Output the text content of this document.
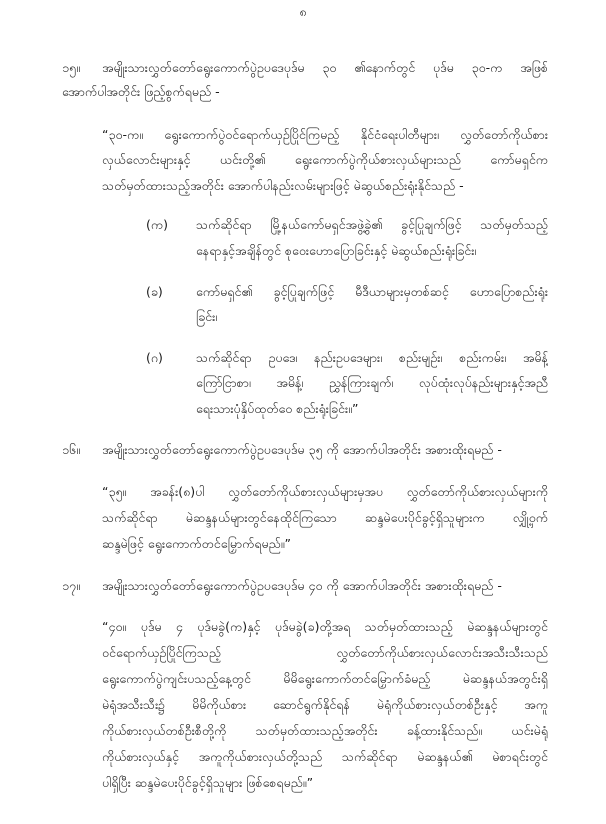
၈
၁၅။ အမျိုးသားလွှတ်တော်ရွေးကောက်ပွဲဥပဒေပုဒ်မ ၃၀ ၏နောက်တွင် ပုဒ်မ ၃၀-က အဖြစ်
အောက်ပါအတိုင်း ဖြည့်စွက်ရမည် -
“၃၀-က။ ရွေးကောက်ပွဲဝင်ရောက်ယှဉ်ပြိုင်ကြမည့် နိုင်ငံရေးပါတီများ၊ လွှတ်တော်ကိုယ်စား
လှယ်လောင်းများနှင့် ယင်းတို့၏ ရွေးကောက်ပွဲကိုယ်စားလှယ်များသည် ကော်မရှင်က
သတ်မှတ်ထားသည့်အတိုင်း အောက်ပါနည်းလမ်းများဖြင့် မဲဆွယ်စည်းရုံးနိုင်သည် -
(က) သက်ဆိုင်ရာ မြို့နယ်ကော်မရှင်အဖွဲ့ခွဲ၏ ခွင့်ပြုချက်ဖြင့် သတ်မှတ်သည့်
နေရာနှင့်အချိန်တွင် စုဝေးဟောပြောခြင်းနှင့် မဲဆွယ်စည်းရုံးခြင်း၊
(ခ)	ကော်မရှင်၏ ခွင့်ပြုချက်ဖြင့် မီဒီယာများမှတစ်ဆင့် ဟောပြောစည်းရုံး
ခြင်း၊
(ဂ)	သက်ဆိုင်ရာ ဥပဒေ၊ နည်းဥပဒေများ၊ စည်းမျဉ်း၊ စည်းကမ်း၊ အမိန့်
ကြော်ငြာစာ၊ အမိန့်၊ ညွှန်ကြားချက်၊ လုပ်ထုံးလုပ်နည်းများနှင့်အညီ
ရေးသားပုံနှိပ်ထုတ်ဝေ စည်းရုံးခြင်း။”
၁၆။ အမျိုးသားလွှတ်တော်ရွေးကောက်ပွဲဥပဒေပုဒ်မ ၃၅ ကို အောက်ပါအတိုင်း အစားထိုးရမည် -
“၃၅။ အခန်း(၈)ပါ လွှတ်တော်ကိုယ်စားလှယ်များမှအပ လွှတ်တော်ကိုယ်စားလှယ်များကို
သက်ဆိုင်ရာ မဲဆန္ဒနယ်များတွင်နေထိုင်ကြသော ဆန္ဒမဲပေးပိုင်ခွင့်ရှိသူများက လျှို့ဝှက်
ဆန္ဒမဲဖြင့် ရွေးကောက်တင်မြှောက်ရမည်။”
၁၇။ အမျိုးသားလွှတ်တော်ရွေးကောက်ပွဲဥပဒေပုဒ်မ ၄၀ ကို အောက်ပါအတိုင်း အစားထိုးရမည် -
“၄၀။ ပုဒ်မ ၄ ပုဒ်မခွဲ(က)နှင့် ပုဒ်မခွဲ(ခ)တို့အရ သတ်မှတ်ထားသည့် မဲဆန္ဒနယ်များတွင်
ဝင်ရောက်ယှဉ်ပြိုင်ကြသည့် လွှတ်တော်ကိုယ်စားလှယ်လောင်းအသီးသီးသည်
ရွေးကောက်ပွဲကျင်းပသည့်နေ့တွင် မိမိရွေးကောက်တင်မြှောက်ခံမည့် မဲဆန္ဒနယ်အတွင်းရှိ
မဲရုံအသီးသီး၌ မိမိကိုယ်စား ဆောင်ရွက်နိုင်ရန် မဲရုံကိုယ်စားလှယ်တစ်ဦးနှင့် အကူ
ကိုယ်စားလှယ်တစ်ဦးစီတို့ကို သတ်မှတ်ထားသည့်အတိုင်း ခန့်ထားနိုင်သည်။ ယင်းမဲရုံ
ကိုယ်စားလှယ်နှင့် အကူကိုယ်စားလှယ်တို့သည် သက်ဆိုင်ရာ မဲဆန္ဒနယ်၏ မဲစာရင်းတွင်
ပါရှိပြီး ဆန္ဒမဲပေးပိုင်ခွင့်ရှိသူများ ဖြစ်စေရမည်။”
